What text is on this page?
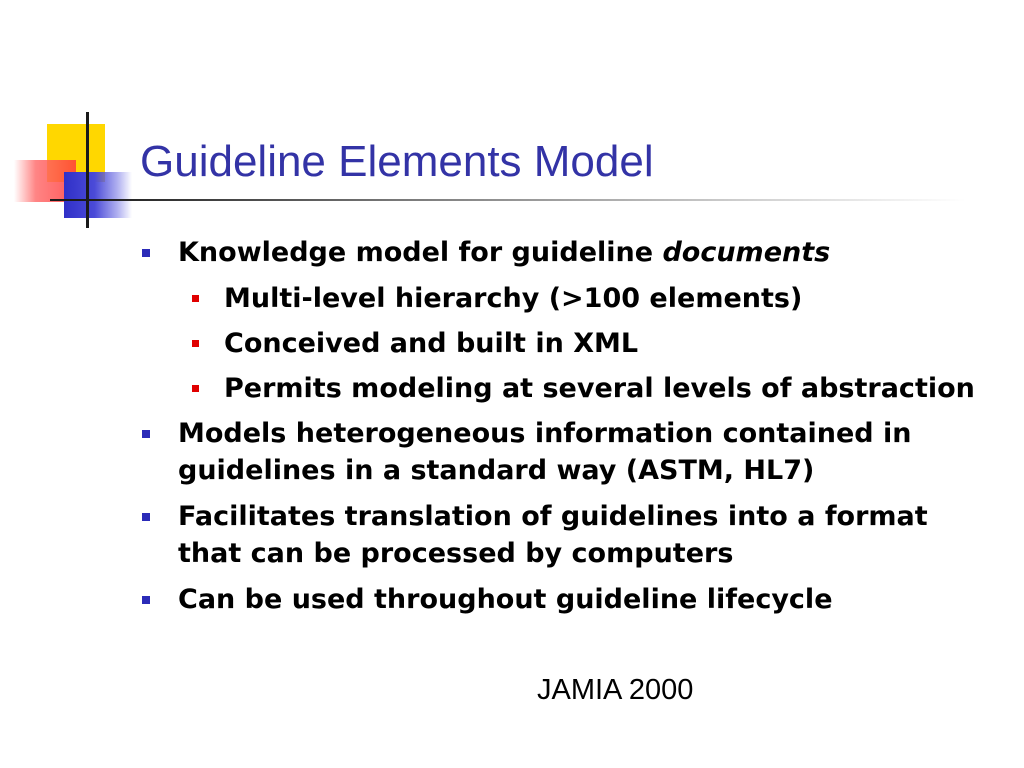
Guideline Elements Model
Knowledge model for guideline documents
Multi-level hierarchy (>100 elements)
Conceived and built in XML
Permits modeling at several levels of abstraction
Models heterogeneous information contained in guidelines in a standard way (ASTM, HL7)
Facilitates translation of guidelines into a format that can be processed by computers
Can be used throughout guideline lifecycle
JAMIA 2000
